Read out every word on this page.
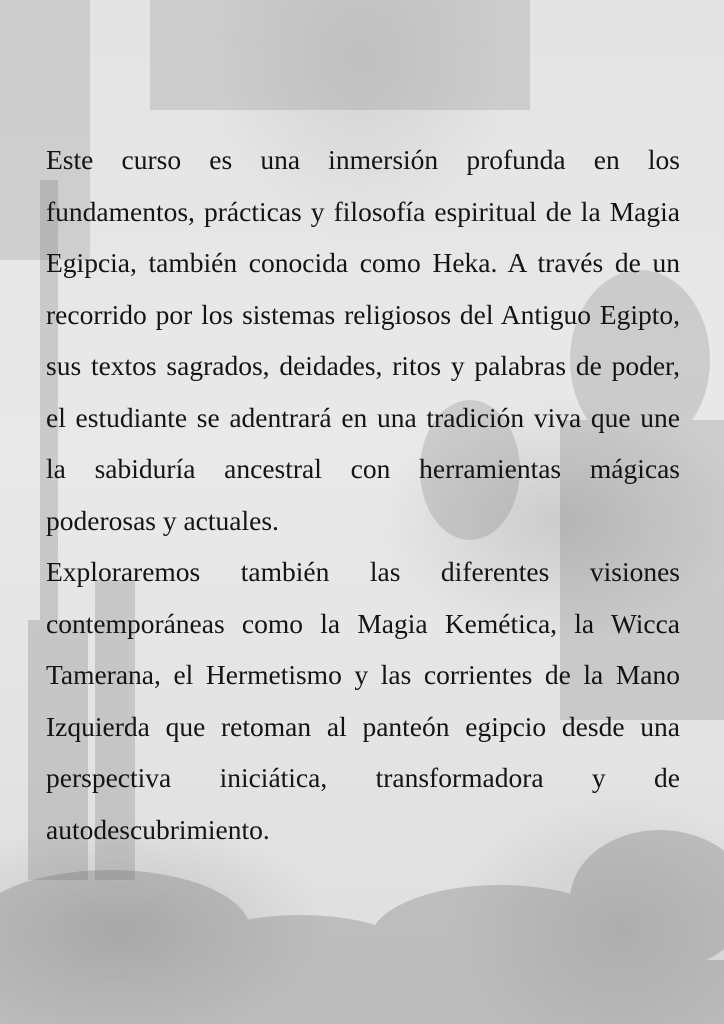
Este curso es una inmersión profunda en los fundamentos, prácticas y filosofía espiritual de la Magia Egipcia, también conocida como Heka. A través de un recorrido por los sistemas religiosos del Antiguo Egipto, sus textos sagrados, deidades, ritos y palabras de poder, el estudiante se adentrará en una tradición viva que une la sabiduría ancestral con herramientas mágicas poderosas y actuales.

Exploraremos también las diferentes visiones contemporáneas como la Magia Kemética, la Wicca Tamerana, el Hermetismo y las corrientes de la Mano Izquierda que retoman al panteón egipcio desde una perspectiva iniciática, transformadora y de autodescubrimiento.
